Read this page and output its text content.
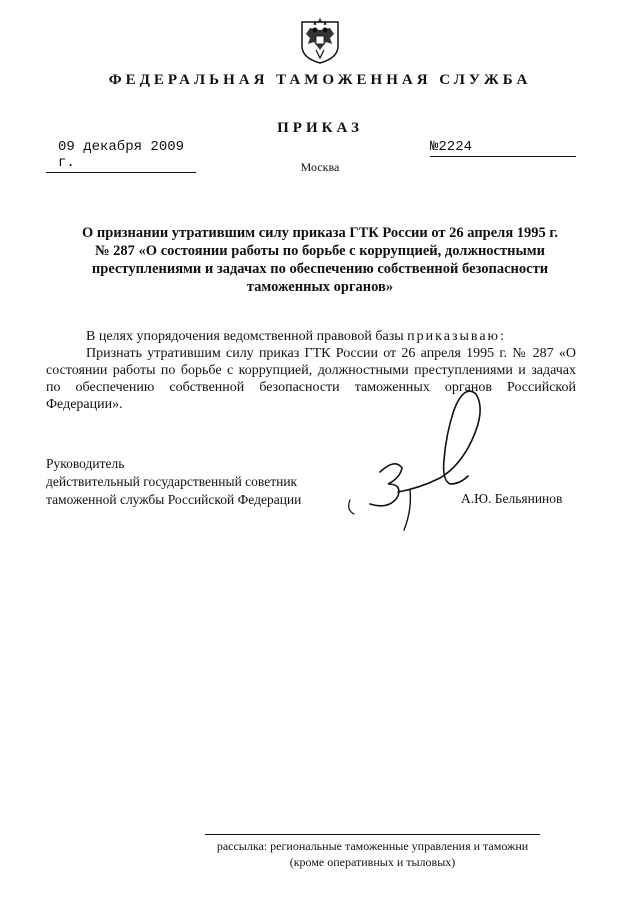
ФЕДЕРАЛЬНАЯ ТАМОЖЕННАЯ СЛУЖБА
ПРИКАЗ
09 декабря 2009 г.
№2224
Москва
О признании утратившим силу приказа ГТК России от 26 апреля 1995 г.
№ 287 «О состоянии работы по борьбе с коррупцией, должностными
преступлениями и задачах по обеспечению собственной безопасности
таможенных органов»

В целях упорядочения ведомственной правовой базы приказываю:

Признать утратившим силу приказ ГТК России от 26 апреля 1995 г. № 287 «О состоянии работы по борьбе с коррупцией, должностными преступлениями и задачах по обеспечению собственной безопасности таможенных органов Российской Федерации».

Руководитель
действительный государственный советник
таможенной службы Российской Федерации	А.Ю. Бельянинов
рассылка: региональные таможенные управления и таможни
(кроме оперативных и тыловых)
